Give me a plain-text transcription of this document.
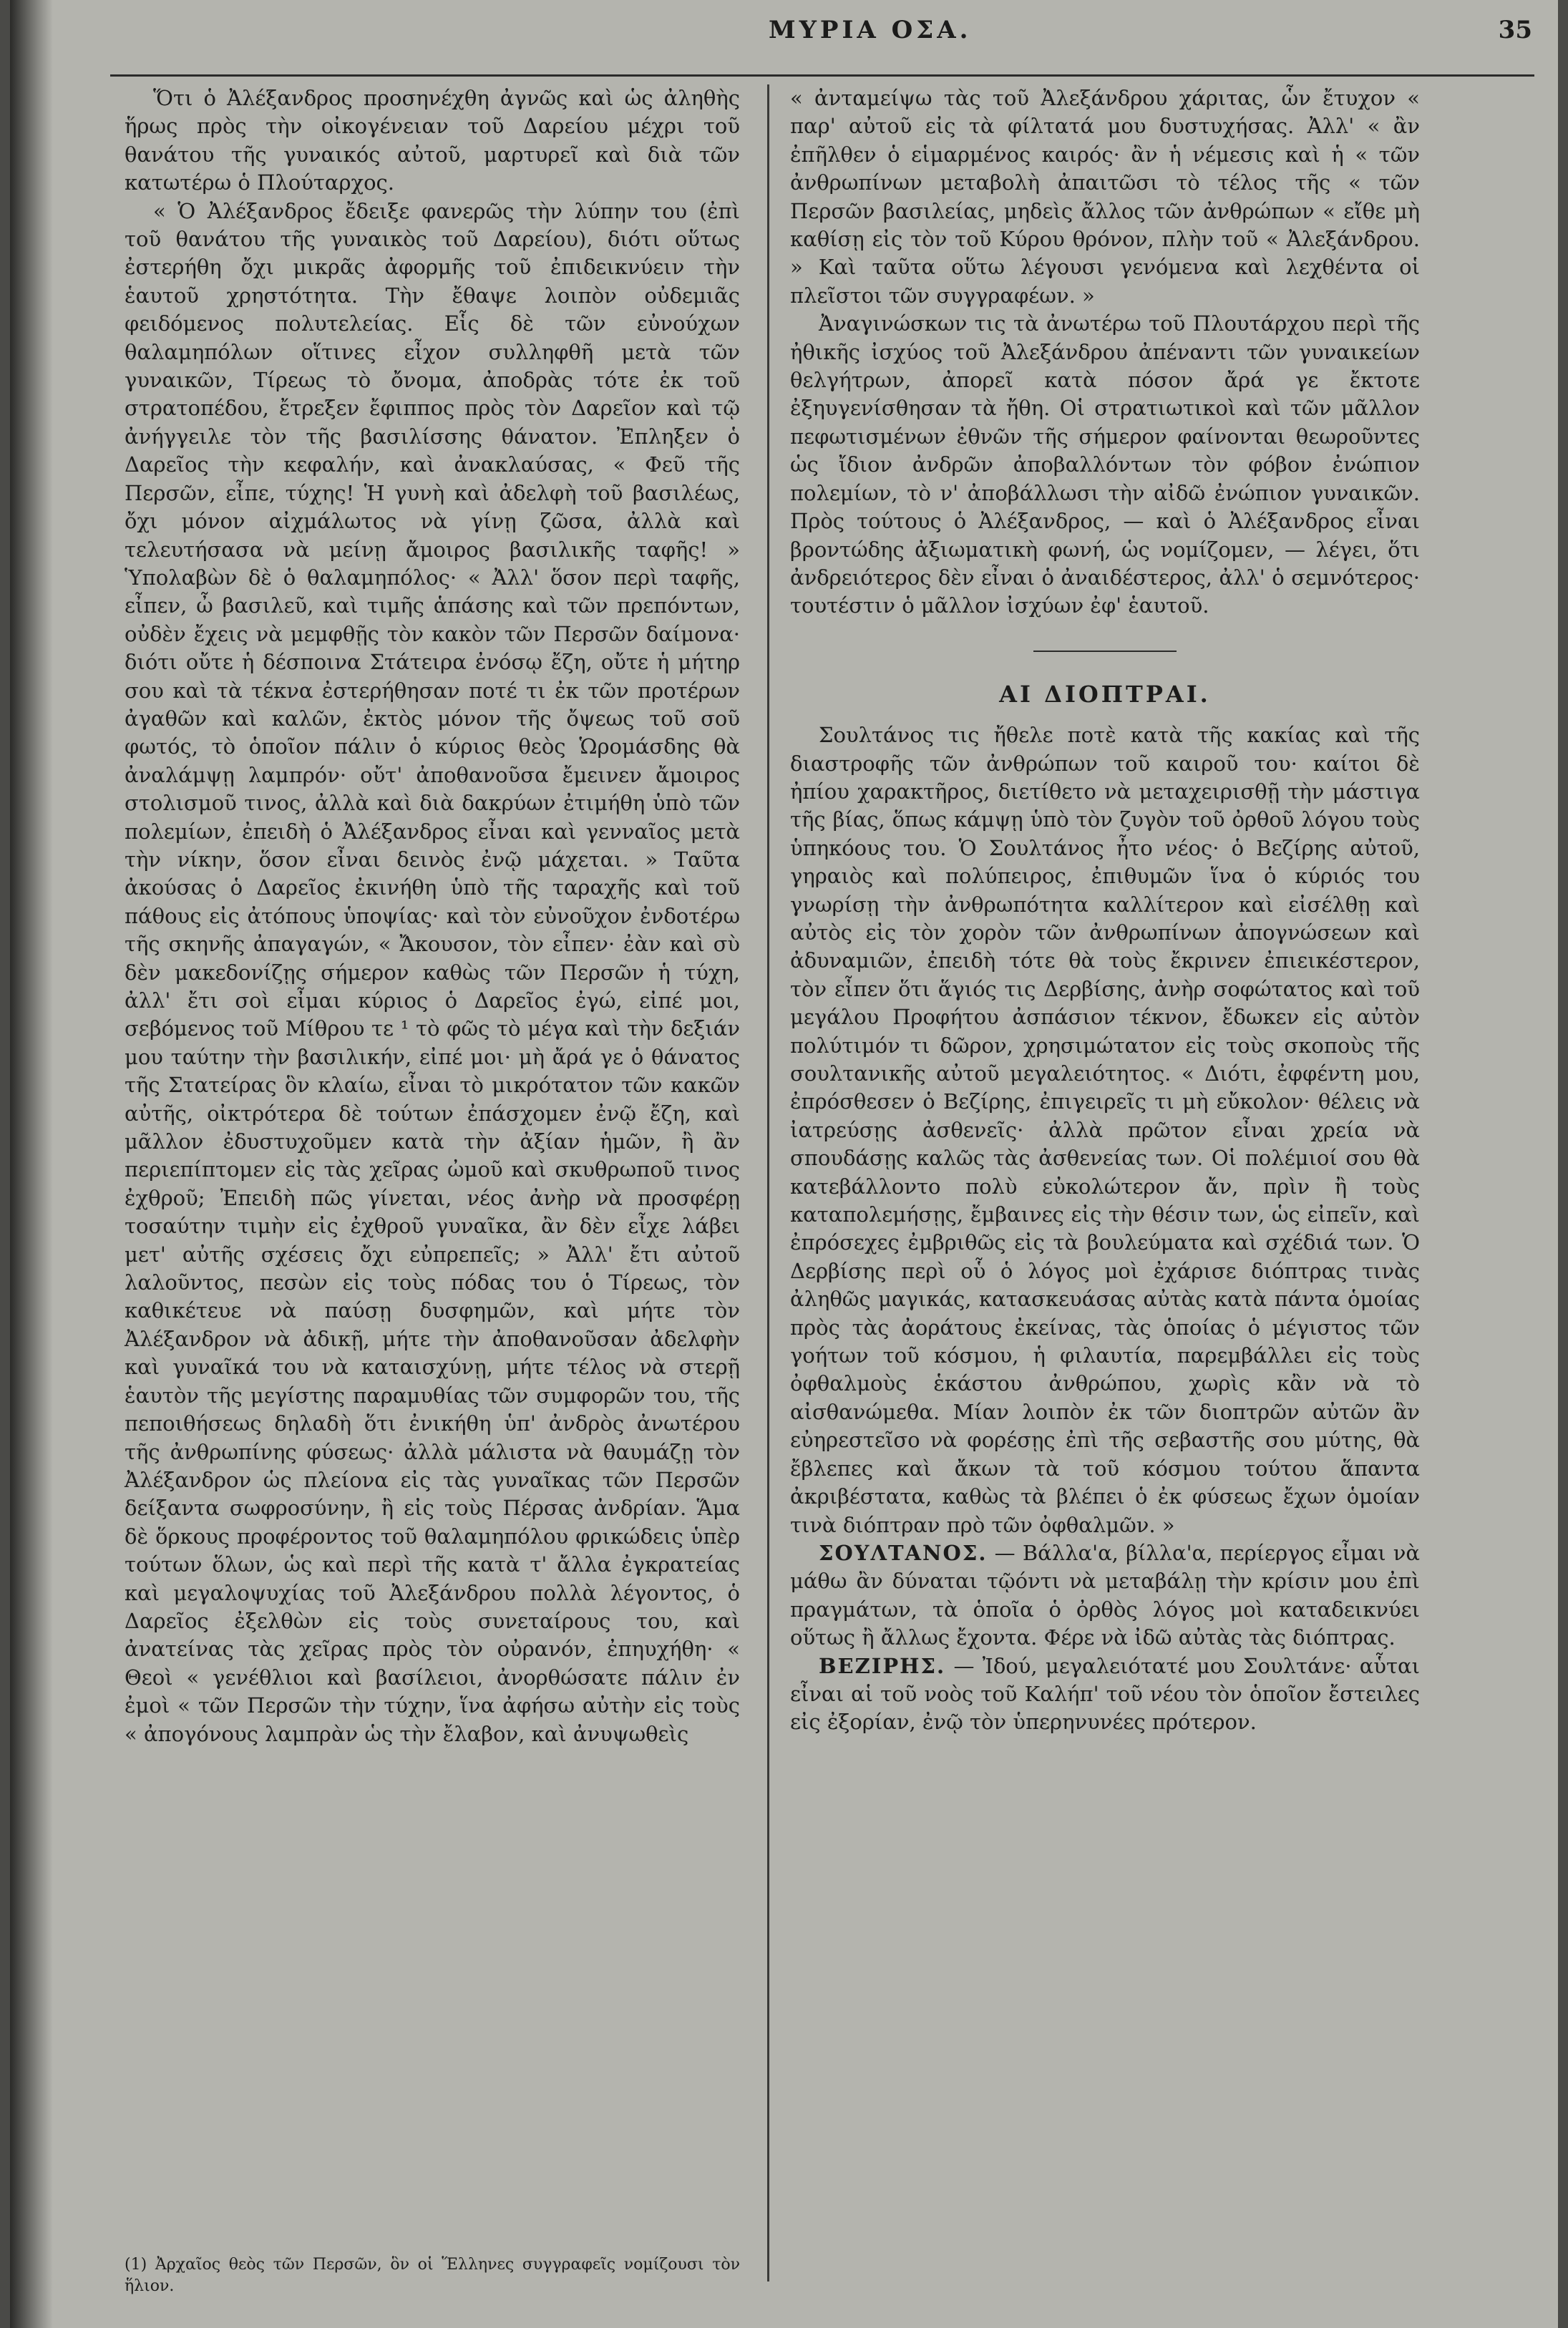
ΜΥΡΙΑ ΟΣΑ.	35

Ὅτι ὁ Ἀλέξανδρος προσηνέχθη ἀγνῶς καὶ ὡς ἀληθὴς ἥρως πρὸς τὴν οἰκογένειαν τοῦ Δαρείου μέχρι τοῦ θανάτου τῆς γυναικός αὐτοῦ, μαρτυρεῖ καὶ διὰ τῶν κατωτέρω ὁ Πλούταρχος.

« Ὁ Ἀλέξανδρος ἔδειξε φανερῶς τὴν λύπην του (ἐπὶ τοῦ θανάτου τῆς γυναικὸς τοῦ Δαρείου), διότι οὕτως ἐστερήθη ὄχι μικρᾶς ἀφορμῆς τοῦ ἐπιδεικνύειν τὴν ἑαυτοῦ χρηστότητα. Τὴν ἔθαψε λοιπὸν οὐδεμιᾶς φειδόμενος πολυτελείας. Εἷς δὲ τῶν εὐνούχων θαλαμηπόλων οἵτινες εἶχον συλληφθῆ μετὰ τῶν γυναικῶν, Τίρεως τὸ ὄνομα, ἀποδρὰς τότε ἐκ τοῦ στρατοπέδου, ἔτρεξεν ἔφιππος πρὸς τὸν Δαρεῖον καὶ τῷ ἀνήγγειλε τὸν τῆς βασιλίσσης θάνατον. Ἐπληξεν ὁ Δαρεῖος τὴν κεφαλήν, καὶ ἀνακλαύσας, « Φεῦ τῆς Περσῶν, εἶπε, τύχης! Ἡ γυνὴ καὶ ἀδελφὴ τοῦ βασιλέως, ὄχι μόνον αἰχμάλωτος νὰ γίνῃ ζῶσα, ἀλλὰ καὶ τελευτήσασα νὰ μείνῃ ἄμοιρος βασιλικῆς ταφῆς! » Ὑπολαβὼν δὲ ὁ θαλαμηπόλος· « Ἀλλ' ὅσον περὶ ταφῆς, εἶπεν, ὦ βασιλεῦ, καὶ τιμῆς ἁπάσης καὶ τῶν πρεπόντων, οὐδὲν ἔχεις νὰ μεμφθῇς τὸν κακὸν τῶν Περσῶν δαίμονα· διότι οὔτε ἡ δέσποινα Στάτειρα ἐνόσῳ ἔζη, οὔτε ἡ μήτηρ σου καὶ τὰ τέκνα ἐστερήθησαν ποτέ τι ἐκ τῶν προτέρων ἀγαθῶν καὶ καλῶν, ἐκτὸς μόνον τῆς ὄψεως τοῦ σοῦ φωτός, τὸ ὁποῖον πάλιν ὁ κύριος θεὸς Ὡρομάσδης θὰ ἀναλάμψῃ λαμπρόν· οὔτ' ἀποθανοῦσα ἔμεινεν ἄμοιρος στολισμοῦ τινος, ἀλλὰ καὶ διὰ δακρύων ἐτιμήθη ὑπὸ τῶν πολεμίων, ἐπειδὴ ὁ Ἀλέξανδρος εἶναι καὶ γενναῖος μετὰ τὴν νίκην, ὅσον εἶναι δεινὸς ἐνῷ μάχεται. » Ταῦτα ἀκούσας ὁ Δαρεῖος ἐκινήθη ὑπὸ τῆς ταραχῆς καὶ τοῦ πάθους εἰς ἀτόπους ὑποψίας· καὶ τὸν εὐνοῦχον ἐνδοτέρω τῆς σκηνῆς ἀπαγαγών, « Ἄκουσον, τὸν εἶπεν· ἐὰν καὶ σὺ δὲν μακεδονίζῃς σήμερον καθὼς τῶν Περσῶν ἡ τύχη, ἀλλ' ἔτι σοὶ εἶμαι κύριος ὁ Δαρεῖος ἐγώ, εἰπέ μοι, σεβόμενος τοῦ Μίθρου τε ¹ τὸ φῶς τὸ μέγα καὶ τὴν δεξιάν μου ταύτην τὴν βασιλικήν, εἰπέ μοι· μὴ ἄρά γε ὁ θάνατος τῆς Στατείρας ὃν κλαίω, εἶναι τὸ μικρότατον τῶν κακῶν αὐτῆς, οἰκτρότερα δὲ τούτων ἐπάσχομεν ἐνῷ ἔζη, καὶ μᾶλλον ἐδυστυχοῦμεν κατὰ τὴν ἀξίαν ἡμῶν, ἢ ἂν περιεπίπτομεν εἰς τὰς χεῖρας ὠμοῦ καὶ σκυθρωποῦ τινος ἐχθροῦ; Ἐπειδὴ πῶς γίνεται, νέος ἀνὴρ νὰ προσφέρῃ τοσαύτην τιμὴν εἰς ἐχθροῦ γυναῖκα, ἂν δὲν εἶχε λάβει μετ' αὐτῆς σχέσεις ὄχι εὐπρεπεῖς; » Ἀλλ' ἔτι αὐτοῦ λαλοῦντος, πεσὼν εἰς τοὺς πόδας του ὁ Τίρεως, τὸν καθικέτευε νὰ παύσῃ δυσφημῶν, καὶ μήτε τὸν Ἀλέξανδρον νὰ ἀδικῇ, μήτε τὴν ἀποθανοῦσαν ἀδελφὴν καὶ γυναῖκά του νὰ καταισχύνῃ, μήτε τέλος νὰ στερῇ ἑαυτὸν τῆς μεγίστης παραμυθίας τῶν συμφορῶν του, τῆς πεποιθήσεως δηλαδὴ ὅτι ἐνικήθη ὑπ' ἀνδρὸς ἀνωτέρου τῆς ἀνθρωπίνης φύσεως· ἀλλὰ μάλιστα νὰ θαυμάζῃ τὸν Ἀλέξανδρον ὡς πλείονα εἰς τὰς γυναῖκας τῶν Περσῶν δείξαντα σωφροσύνην, ἢ εἰς τοὺς Πέρσας ἀνδρίαν. Ἅμα δὲ ὅρκους προφέροντος τοῦ θαλαμηπόλου φρικώδεις ὑπὲρ τούτων ὅλων, ὡς καὶ περὶ τῆς κατὰ τ' ἄλλα ἐγκρατείας καὶ μεγαλοψυχίας τοῦ Ἀλεξάνδρου πολλὰ λέγοντος, ὁ Δαρεῖος ἐξελθὼν εἰς τοὺς συνεταίρους του, καὶ ἀνατείνας τὰς χεῖρας πρὸς τὸν οὐρανόν, ἐπηυχήθη· « Θεοὶ « γενέθλιοι καὶ βασίλειοι, ἀνορθώσατε πάλιν ἐν ἐμοὶ « τῶν Περσῶν τὴν τύχην, ἵνα ἀφήσω αὐτὴν εἰς τοὺς « ἀπογόνους λαμπρὰν ὡς τὴν ἔλαβον, καὶ ἀνυψωθεὶς

(1) Ἀρχαῖος θεὸς τῶν Περσῶν, ὃν οἱ Ἕλληνες συγγραφεῖς νομίζουσι τὸν ἥλιον.

« ἀνταμείψω τὰς τοῦ Ἀλεξάνδρου χάριτας, ὧν ἔτυχον « παρ' αὐτοῦ εἰς τὰ φίλτατά μου δυστυχήσας. Ἀλλ' « ἂν ἐπῆλθεν ὁ εἱμαρμένος καιρός· ἂν ἡ νέμεσις καὶ ἡ « τῶν ἀνθρωπίνων μεταβολὴ ἀπαιτῶσι τὸ τέλος τῆς « τῶν Περσῶν βασιλείας, μηδεὶς ἄλλος τῶν ἀνθρώπων « εἴθε μὴ καθίσῃ εἰς τὸν τοῦ Κύρου θρόνον, πλὴν τοῦ « Ἀλεξάνδρου. » Καὶ ταῦτα οὕτω λέγουσι γενόμενα καὶ λεχθέντα οἱ πλεῖστοι τῶν συγγραφέων. »

Ἀναγινώσκων τις τὰ ἀνωτέρω τοῦ Πλουτάρχου περὶ τῆς ἠθικῆς ἰσχύος τοῦ Ἀλεξάνδρου ἀπέναντι τῶν γυναικείων θελγήτρων, ἀπορεῖ κατὰ πόσον ἄρά γε ἔκτοτε ἐξηυγενίσθησαν τὰ ἤθη. Οἱ στρατιωτικοὶ καὶ τῶν μᾶλλον πεφωτισμένων ἐθνῶν τῆς σήμερον φαίνονται θεωροῦντες ὡς ἴδιον ἀνδρῶν ἀποβαλλόντων τὸν φόβον ἐνώπιον πολεμίων, τὸ ν' ἀποβάλλωσι τὴν αἰδῶ ἐνώπιον γυναικῶν. Πρὸς τούτους ὁ Ἀλέξανδρος, — καὶ ὁ Ἀλέξανδρος εἶναι βροντώδης ἀξιωματικὴ φωνή, ὡς νομίζομεν, — λέγει, ὅτι ἀνδρειότερος δὲν εἶναι ὁ ἀναιδέστερος, ἀλλ' ὁ σεμνότερος· τουτέστιν ὁ μᾶλλον ἰσχύων ἐφ' ἑαυτοῦ.

ΑΙ ΔΙΟΠΤΡΑΙ.

Σουλτάνος τις ἤθελε ποτὲ κατὰ τῆς κακίας καὶ τῆς διαστροφῆς τῶν ἀνθρώπων τοῦ καιροῦ του· καίτοι δὲ ἠπίου χαρακτῆρος, διετίθετο νὰ μεταχειρισθῇ τὴν μάστιγα τῆς βίας, ὅπως κάμψῃ ὑπὸ τὸν ζυγὸν τοῦ ὀρθοῦ λόγου τοὺς ὑπηκόους του. Ὁ Σουλτάνος ἦτο νέος· ὁ Βεζίρης αὐτοῦ, γηραιὸς καὶ πολύπειρος, ἐπιθυμῶν ἵνα ὁ κύριός του γνωρίσῃ τὴν ἀνθρωπότητα καλλίτερον καὶ εἰσέλθῃ καὶ αὐτὸς εἰς τὸν χορὸν τῶν ἀνθρωπίνων ἀπογνώσεων καὶ ἀδυναμιῶν, ἐπειδὴ τότε θὰ τοὺς ἔκρινεν ἐπιεικέστερον, τὸν εἶπεν ὅτι ἅγιός τις Δερβίσης, ἀνὴρ σοφώτατος καὶ τοῦ μεγάλου Προφήτου ἀσπάσιον τέκνον, ἔδωκεν εἰς αὐτὸν πολύτιμόν τι δῶρον, χρησιμώτατον εἰς τοὺς σκοποὺς τῆς σουλτανικῆς αὐτοῦ μεγαλειότητος. « Διότι, ἐφφέντη μου, ἐπρόσθεσεν ὁ Βεζίρης, ἐπιγειρεῖς τι μὴ εὔκολον· θέλεις νὰ ἰατρεύσῃς ἀσθενεῖς· ἀλλὰ πρῶτον εἶναι χρεία νὰ σπουδάσῃς καλῶς τὰς ἀσθενείας των. Οἱ πολέμιοί σου θὰ κατεβάλλοντο πολὺ εὐκολώτερον ἄν, πρὶν ἢ τοὺς καταπολεμήσῃς, ἔμβαινες εἰς τὴν θέσιν των, ὡς εἰπεῖν, καὶ ἐπρόσεχες ἐμβριθῶς εἰς τὰ βουλεύματα καὶ σχέδιά των. Ὁ Δερβίσης περὶ οὗ ὁ λόγος μοὶ ἐχάρισε διόπτρας τινὰς ἀληθῶς μαγικάς, κατασκευάσας αὐτὰς κατὰ πάντα ὁμοίας πρὸς τὰς ἀοράτους ἐκείνας, τὰς ὁποίας ὁ μέγιστος τῶν γοήτων τοῦ κόσμου, ἡ φιλαυτία, παρεμβάλλει εἰς τοὺς ὀφθαλμοὺς ἑκάστου ἀνθρώπου, χωρὶς κἂν νὰ τὸ αἰσθανώμεθα. Μίαν λοιπὸν ἐκ τῶν διοπτρῶν αὐτῶν ἂν εὐηρεστεῖσο νὰ φορέσῃς ἐπὶ τῆς σεβαστῆς σου μύτης, θὰ ἔβλεπες καὶ ἄκων τὰ τοῦ κόσμου τούτου ἅπαντα ἀκριβέστατα, καθὼς τὰ βλέπει ὁ ἐκ φύσεως ἔχων ὁμοίαν τινὰ διόπτραν πρὸ τῶν ὀφθαλμῶν. »

ΣΟΥΛΤΑΝΟΣ. — Βάλλα'α, βίλλα'α, περίεργος εἶμαι νὰ μάθω ἂν δύναται τῷόντι νὰ μεταβάλῃ τὴν κρίσιν μου ἐπὶ πραγμάτων, τὰ ὁποῖα ὁ ὀρθὸς λόγος μοὶ καταδεικνύει οὕτως ἢ ἄλλως ἔχοντα. Φέρε νὰ ἰδῶ αὐτὰς τὰς διόπτρας.

ΒΕΖΙΡΗΣ. — Ἰδού, μεγαλειότατέ μου Σουλτάνε· αὗται εἶναι αἱ τοῦ νοὸς τοῦ Καλήπ' τοῦ νέου τὸν ὁποῖον ἔστειλες εἰς ἐξορίαν, ἐνῷ τὸν ὑπερηνυνέες πρότερον.
